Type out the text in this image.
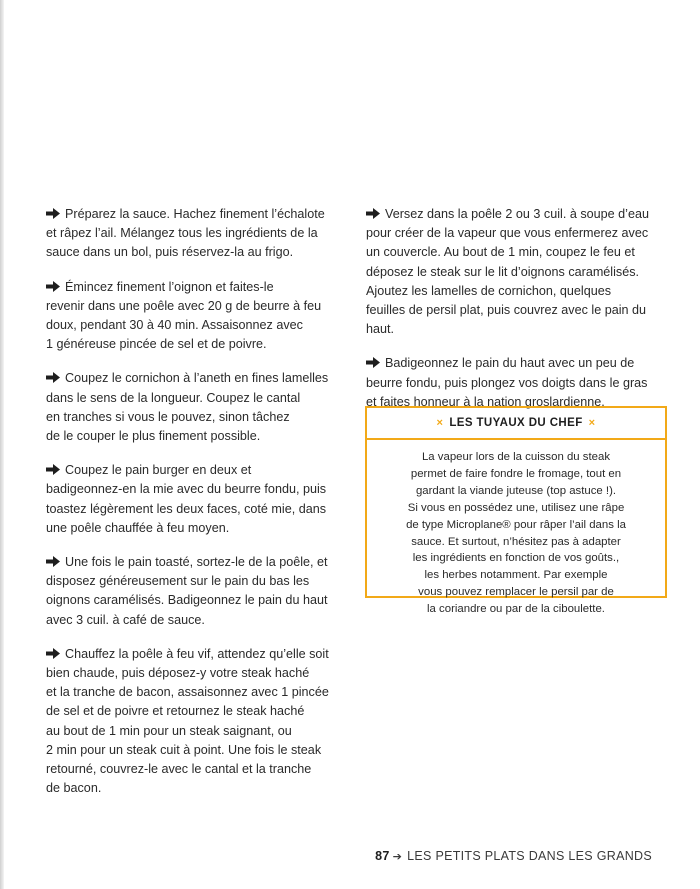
Préparez la sauce. Hachez finement l’échalote
et râpez l’ail. Mélangez tous les ingrédients de la
sauce dans un bol, puis réservez-la au frigo.

Émincez finement l’oignon et faites-le
revenir dans une poêle avec 20 g de beurre à feu
doux, pendant 30 à 40 min. Assaisonnez avec
1 généreuse pincée de sel et de poivre.

Coupez le cornichon à l’aneth en fines lamelles
dans le sens de la longueur. Coupez le cantal
en tranches si vous le pouvez, sinon tâchez
de le couper le plus finement possible.

Coupez le pain burger en deux et
badigeonnez-en la mie avec du beurre fondu, puis
toastez légèrement les deux faces, coté mie, dans
une poêle chauffée à feu moyen.

Une fois le pain toasté, sortez-le de la poêle, et
disposez généreusement sur le pain du bas les
oignons caramélisés. Badigeonnez le pain du haut
avec 3 cuil. à café de sauce.

Chauffez la poêle à feu vif, attendez qu’elle soit
bien chaude, puis déposez-y votre steak haché
et la tranche de bacon, assaisonnez avec 1 pincée
de sel et de poivre et retournez le steak haché
au bout de 1 min pour un steak saignant, ou
2 min pour un steak cuit à point. Une fois le steak
retourné, couvrez-le avec le cantal et la tranche
de bacon.

Versez dans la poêle 2 ou 3 cuil. à soupe d’eau
pour créer de la vapeur que vous enfermerez avec
un couvercle. Au bout de 1 min, coupez le feu et
déposez le steak sur le lit d’oignons caramélisés.
Ajoutez les lamelles de cornichon, quelques
feuilles de persil plat, puis couvrez avec le pain du
haut.

Badigeonnez le pain du haut avec un peu de
beurre fondu, puis plongez vos doigts dans le gras
et faites honneur à la nation groslardienne.

× LES TUYAUX DU CHEF ×
La vapeur lors de la cuisson du steak
permet de faire fondre le fromage, tout en
gardant la viande juteuse (top astuce !).
Si vous en possédez une, utilisez une râpe
de type Microplane® pour râper l’ail dans la
sauce. Et surtout, n’hésitez pas à adapter
les ingrédients en fonction de vos goûts.,
les herbes notamment. Par exemple
vous pouvez remplacer le persil par de
la coriandre ou par de la ciboulette.
87 ➔ LES PETITS PLATS DANS LES GRANDS
